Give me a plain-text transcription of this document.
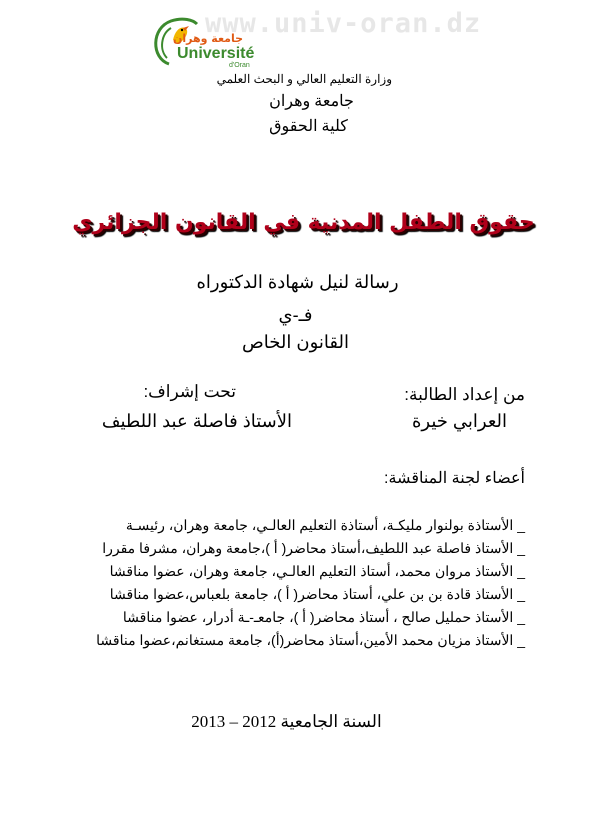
www.univ-oran.dz
جامعة وهران
Université
d'Oran
وزارة التعليم العالي و البحث العلمي
جامعة وهران
كلية الحقوق
حقوق الطفل المدنية في القانون الجزائري
رسالة لنيل شهادة الدكتوراه
فـ-ي
القانون الخاص
من إعداد الطالبة:
تحت إشراف:
العرابي خيرة
الأستاذ فاصلة عبد اللطيف
أعضاء لجنة المناقشة:
_ الأستاذة بولنوار مليكـة، أستاذة التعليم العالـي، جامعة وهران، رئيسـة
_ الأستاذ فاصلة عبد اللطيف،أستاذ محاضر( أ )،جامعة وهران، مشرفا مقررا
_ الأستاذ مروان محمد، أستاذ التعليم العالـي، جامعة وهران، عضوا مناقشا
_ الأستاذ قادة بن بن علي، أستاذ محاضر( أ )، جامعة بلعباس،عضوا مناقشا
_ الأستاذ حمليل صالح ، أستاذ محاضر( أ )، جامعـ-ـة أدرار، عضوا مناقشا
_ الأستاذ مزيان محمد الأمين،أستاذ محاضر(أ)، جامعة مستغانم،عضوا مناقشا
السنة الجامعية 2012 – 2013
